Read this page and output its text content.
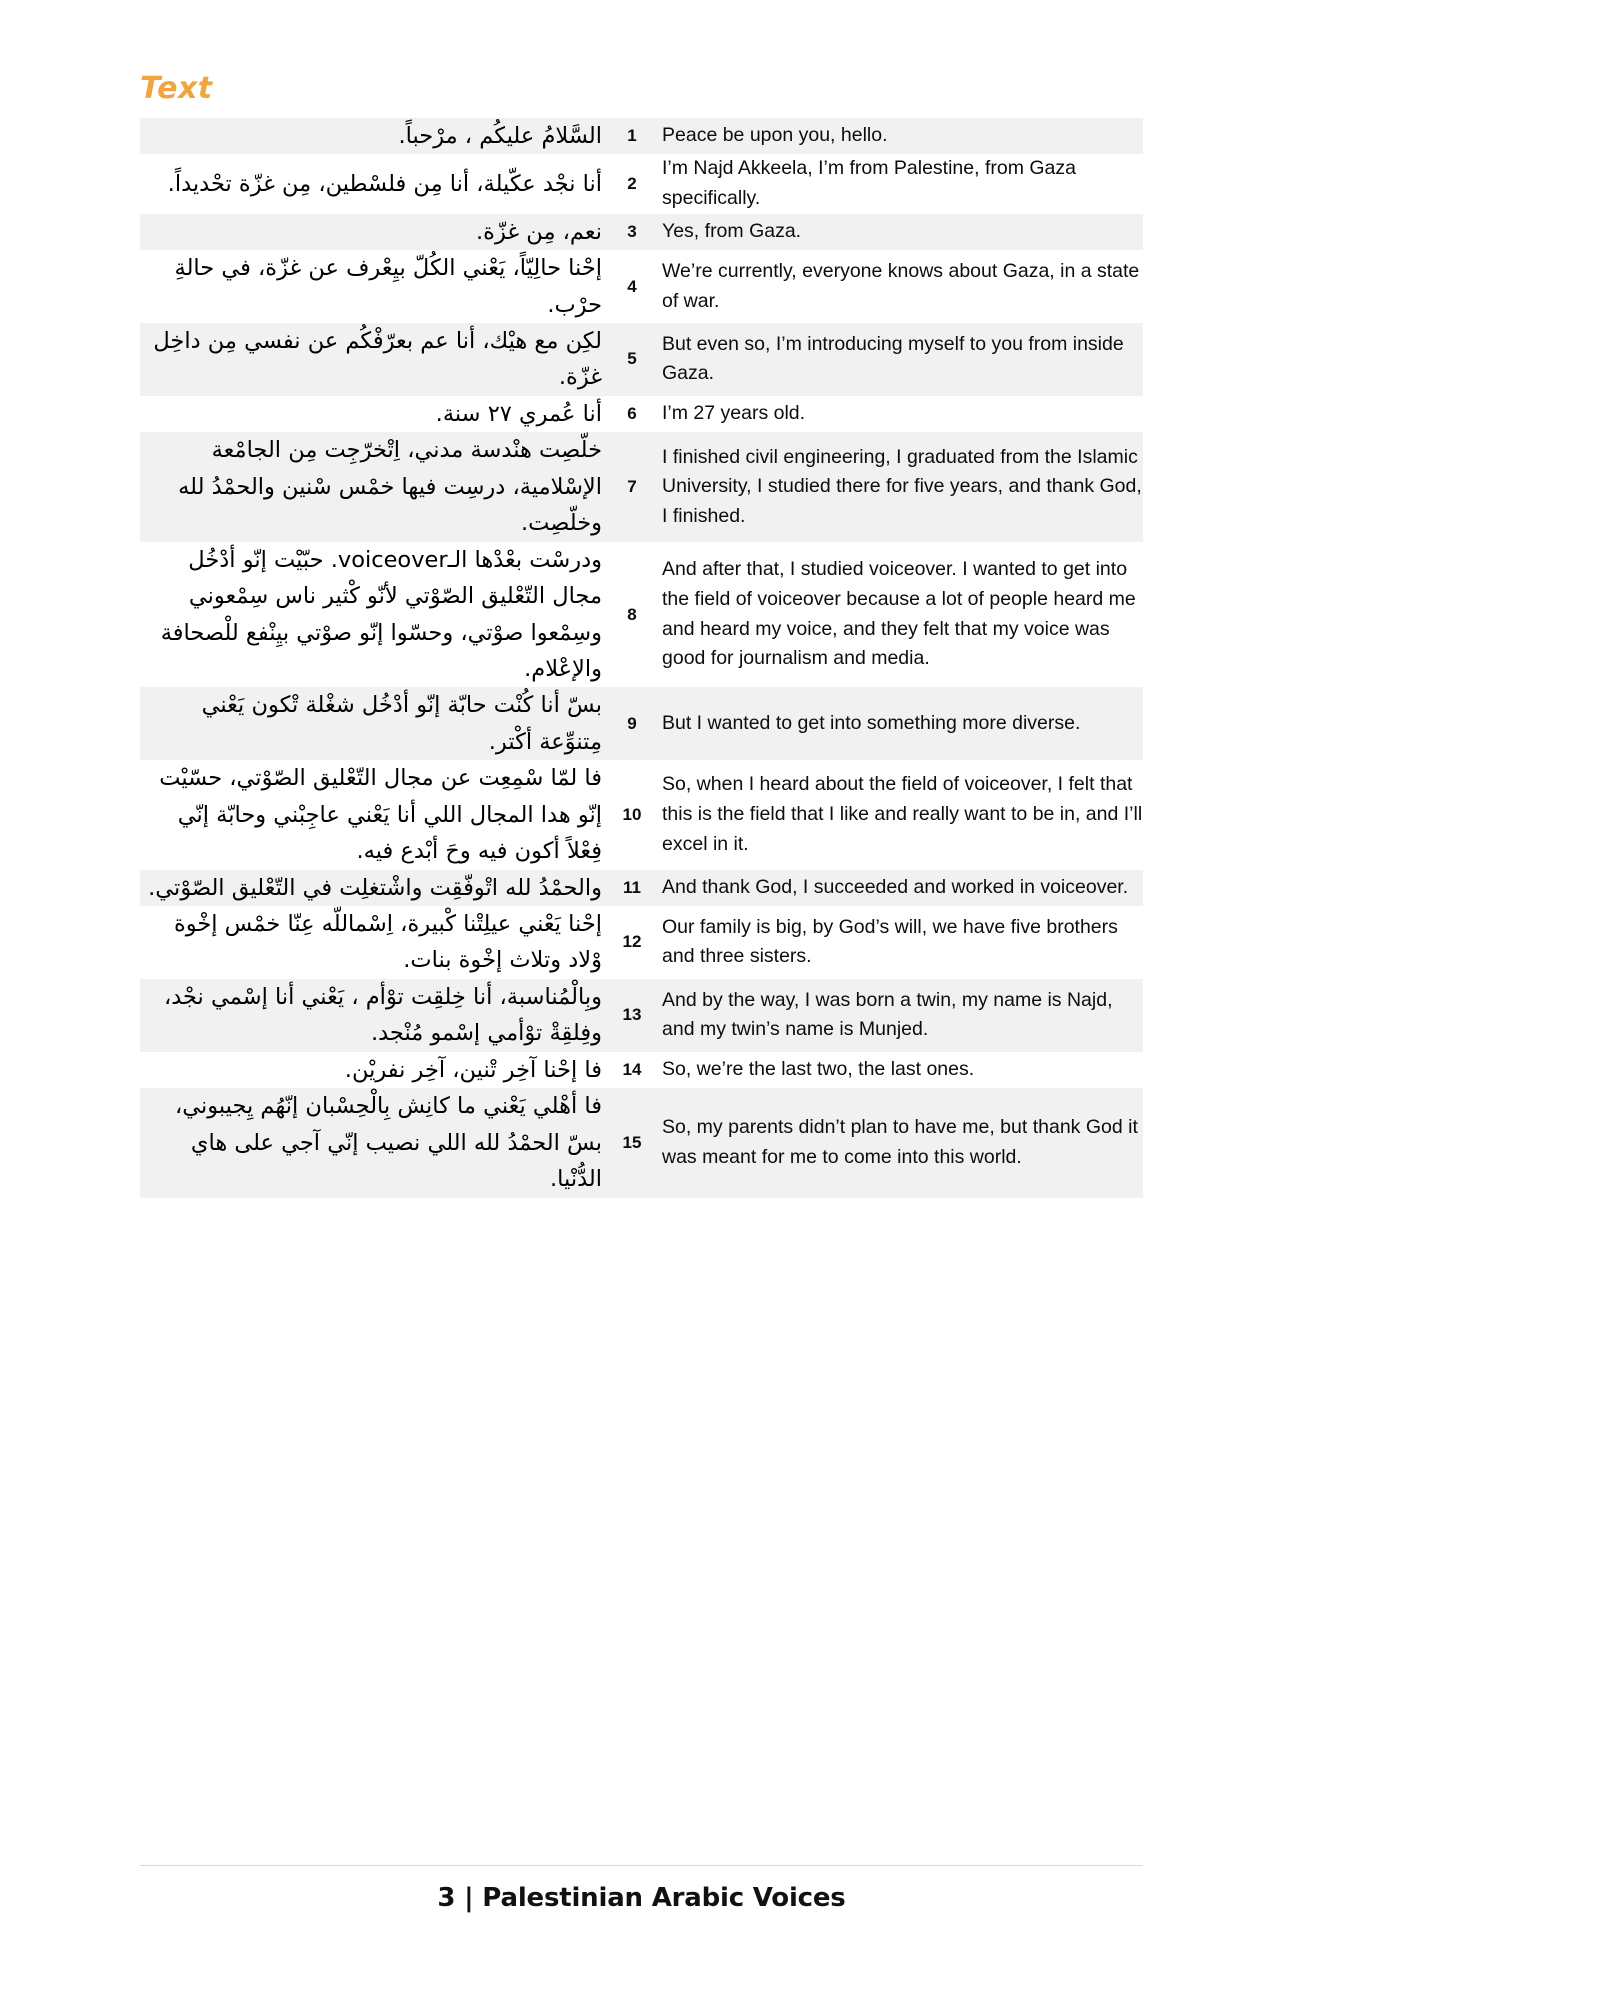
Text
السلام عليكم ، مرحبا.	1	Peace be upon you, hello.
أنا نجد عكيلة، أنا من فلسطين، من غزة تحديدا.	2	I’m Najd Akkeela, I’m from Palestine, from Gaza specifically.
نعم، من غزة.	3	Yes, from Gaza.
إحنا حاليا، يعني الكل بيعرف عن غزة، في حالة حرب.	4	We’re currently, everyone knows about Gaza, in a state of war.
لكن مع هيك، أنا عم بعرفكم عن نفسي من داخل غزة.	5	But even so, I’m introducing myself to you from inside Gaza.
أنا عمري ٢٧ سنة.	6	I’m 27 years old.
خلصت هندسة مدني، اتخرجت من الجامعة الإسلامية، درست فيها خمس سنين والحمد لله وخلصت.	7	I finished civil engineering, I graduated from the Islamic University, I studied there for five years, and thank God, I finished.
ودرست بعدها الـvoiceover. حبيت إنو أدخل مجال التعليق الصوتي لأنو كثير ناس سمعوني وسمعوا صوتي، وحسوا إنو صوتي بينفع للصحافة والإعلام.	8	And after that, I studied voiceover. I wanted to get into the field of voiceover because a lot of people heard me and heard my voice, and they felt that my voice was good for journalism and media.
بس أنا كنت حابة إنو أدخل شغلة تكون يعني متنوعة أكتر.	9	But I wanted to get into something more diverse.
فا لما سمعت عن مجال التعليق الصوتي، حسيت إنو هدا المجال اللي أنا يعني عاجبني وحابة إني فعلا أكون فيه وح أبدع فيه.	10	So, when I heard about the field of voiceover, I felt that this is the field that I like and really want to be in, and I’ll excel in it.
والحمد لله اتوفقت واشتغلت في التعليق الصوتي.	11	And thank God, I succeeded and worked in voiceover.
إحنا يعني عيلتنا كبيرة، اسمالله عنا خمس إخوة ولاد وتلاث إخوة بنات.	12	Our family is big, by God’s will, we have five brothers and three sisters.
وبالمناسبة، أنا خلقت توأم ، يعني أنا إسمي نجد، وفلقة توأمي إسمو منجد.	13	And by the way, I was born a twin, my name is Najd, and my twin’s name is Munjed.
فا إحنا آخر تنين، آخر نفرين.	14	So, we’re the last two, the last ones.
فا أهلي يعني ما كانش بالحسبان إنهم يجيبوني، بس الحمد لله اللي نصيب إني آجي على هاي الدنيا.	15	So, my parents didn’t plan to have me, but thank God it was meant for me to come into this world.
3 | Palestinian Arabic Voices
